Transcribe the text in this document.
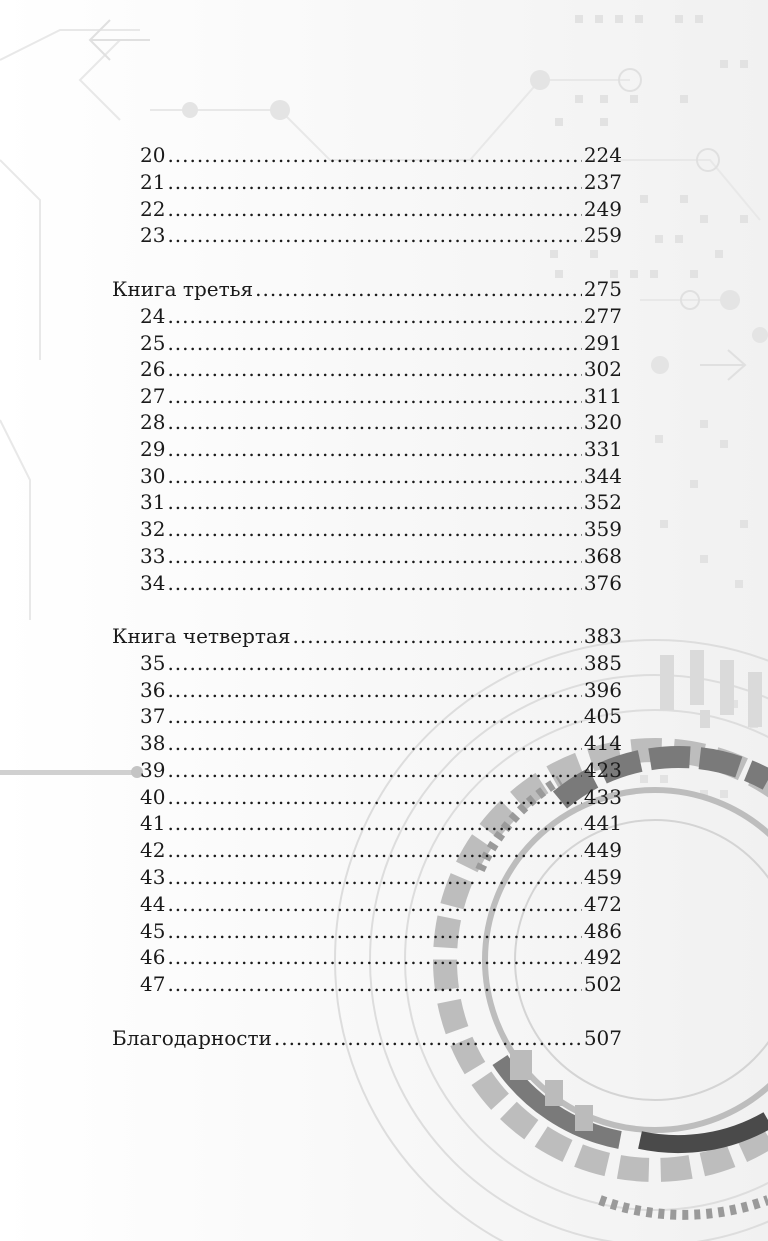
20 .....	224
21 .....	237
22 .....	249
23 .....	259
Книга третья .....	275
24 .....	277
25 .....	291
26 .....	302
27 .....	311
28 .....	320
29 .....	331
30 .....	344
31 .....	352
32 .....	359
33 .....	368
34 .....	376
Книга четвертая .....	383
35 .....	385
36 .....	396
37 .....	405
38 .....	414
39 .....	423
40 .....	433
41 .....	441
42 .....	449
43 .....	459
44 .....	472
45 .....	486
46 .....	492
47 .....	502
Благодарности .....	507
